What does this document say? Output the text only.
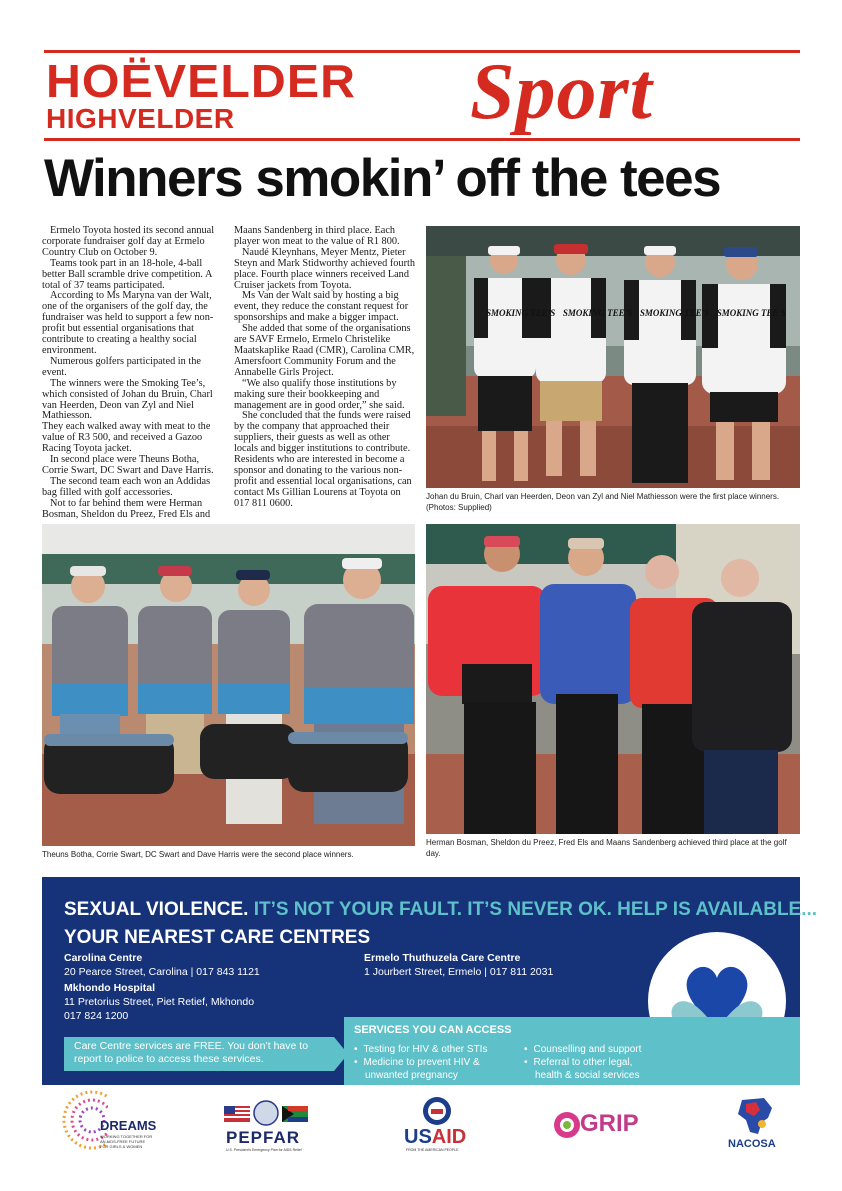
HOËVELDER
HIGHVELDER	Sport
Winners smokin’ off the tees

Ermelo Toyota hosted its second annual corporate fundraiser golf day at Ermelo Country Club on October 9.

Teams took part in an 18-hole, 4-ball better Ball scramble drive competition. A total of 37 teams participated.

According to Ms Maryna van der Walt, one of the organisers of the golf day, the fundraiser was held to support a few non-profit but essential organisations that contribute to creating a healthy social environment.

Numerous golfers participated in the event.

The winners were the Smoking Tee’s, which consisted of Johan du Bruin, Charl van Heerden, Deon van Zyl and Niel Mathiesson.

They each walked away with meat to the value of R3 500, and received a Gazoo Racing Toyota jacket.

In second place were Theuns Botha, Corrie Swart, DC Swart and Dave Harris.

The second team each won an Addidas bag filled with golf accessories.

Not to far behind them were Herman Bosman, Sheldon du Preez, Fred Els and

Maans Sandenberg in third place. Each player won meat to the value of R1 800.

Naudé Kleynhans, Meyer Mentz, Pieter Steyn and Mark Stidworthy achieved fourth place. Fourth place winners received Land Cruiser jackets from Toyota.

Ms Van der Walt said by hosting a big event, they reduce the constant request for sponsorships and make a bigger impact.

She added that some of the organisations are SAVF Ermelo, Ermelo Christelike Maatskaplike Raad (CMR), Carolina CMR, Amersfoort Community Forum and the Annabelle Girls Project.

“We also qualify those institutions by making sure their bookkeeping and management are in good order,” she said.

She concluded that the funds were raised by the company that approached their suppliers, their guests as well as other locals and bigger institutions to contribute.

Residents who are interested in become a sponsor and donating to the various non-profit and essential local organisations, can contact Ms Gillian Lourens at Toyota on 017 811 0600.

SMOKING TEE'S SMOKING TEE'S SMOKING TEE'S SMOKING TEE'S
Johan du Bruin, Charl van Heerden, Deon van Zyl and Niel Mathiesson were the first place winners. (Photos: Supplied)
Theuns Botha, Corrie Swart, DC Swart and Dave Harris were the second place winners.
Herman Bosman, Sheldon du Preez, Fred Els and Maans Sandenberg achieved third place at the golf day.
SEXUAL VIOLENCE. IT’S NOT YOUR FAULT. IT’S NEVER OK. HELP IS AVAILABLE...
YOUR NEAREST CARE CENTRES
Carolina Centre
20 Pearce Street, Carolina | 017 843 1121
Mkhondo Hospital
11 Pretorius Street, Piet Retief, Mkhondo
017 824 1200
Ermelo Thuthuzela Care Centre
1 Jourbert Street, Ermelo | 017 811 2031
Care Centre services are FREE. You don’t have to report to police to access these services.
SERVICES YOU CAN ACCESS
• Testing for HIV & other STIs
• Medicine to prevent HIV &
unwanted pregnancy
• Counselling and support
• Referral to other legal,
health & social services
DREAMS
WORKING TOGETHER FOR
AN AIDS-FREE FUTURE
FOR GIRLS & WOMEN	PEPFAR
U.S. President's Emergency Plan for AIDS Relief
USAID
FROM THE AMERICAN PEOPLE
GRIP
NACOSA
